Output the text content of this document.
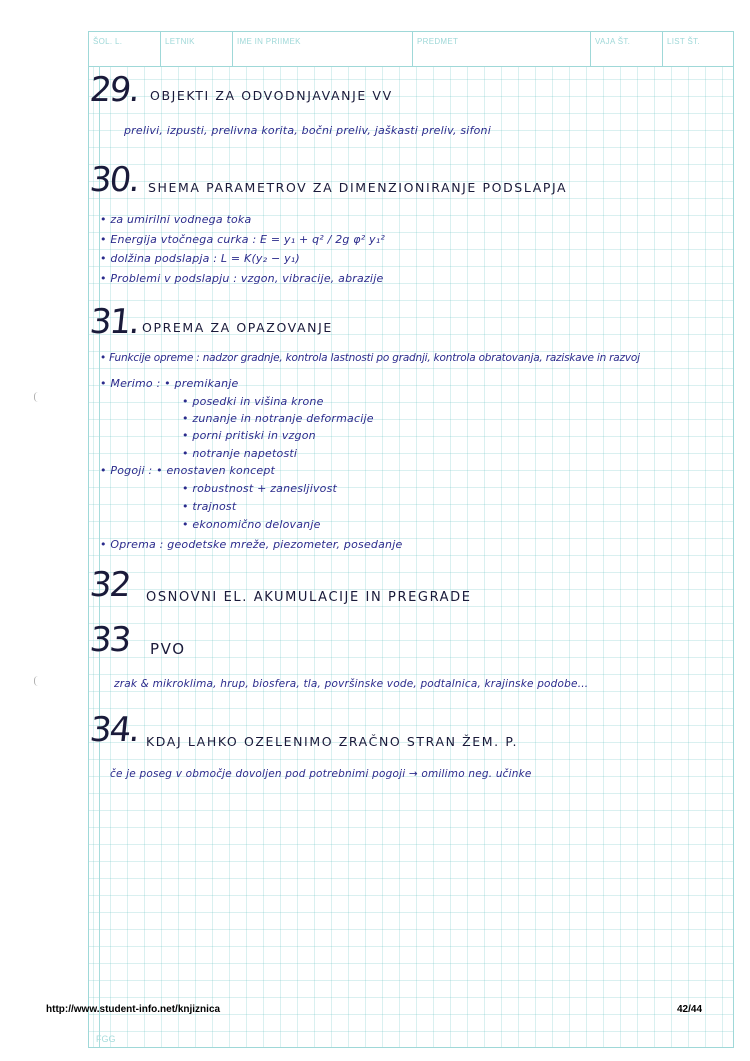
ŠOL. L.	LETNIK	IME IN PRIIMEK	PREDMET	VAJA ŠT.	LIST ŠT.
29. OBJEKTI ZA ODVODNJAVANJE VV
prelivi, izpusti, prelivna korita, bočni preliv, jaškasti preliv, sifoni
30. SHEMA PARAMETROV ZA DIMENZIONIRANJE PODSLAPJA
• za umirilni vodnega toka
• Energija vtočnega curka : E = y₁ + q² / 2g φ² y₁²
• dolžina podslapja : L = K(y₂ − y₁)
• Problemi v podslapju : vzgon, vibracije, abrazije
31. OPREMA ZA OPAZOVANJE
• Funkcije opreme : nadzor gradnje, kontrola lastnosti po gradnji, kontrola obratovanja, raziskave in razvoj
• Merimo : • premikanje
• posedki in višina krone
• zunanje in notranje deformacije
• porni pritiski in vzgon
• notranje napetosti
• Pogoji : • enostaven koncept
• robustnost + zanesljivost
• trajnost
• ekonomično delovanje
• Oprema : geodetske mreže, piezometer, posedanje
32 OSNOVNI EL. AKUMULACIJE IN PREGRADE
33 PVO
zrak & mikroklima, hrup, biosfera, tla, površinske vode, podtalnica, krajinske podobe...
34. KDAJ LAHKO OZELENIMO ZRAČNO STRAN ŽEM. P.
če je poseg v območje dovoljen pod potrebnimi pogoji → omilimo neg. učinke
http://www.student-info.net/knjiznica	42/44
FGG
